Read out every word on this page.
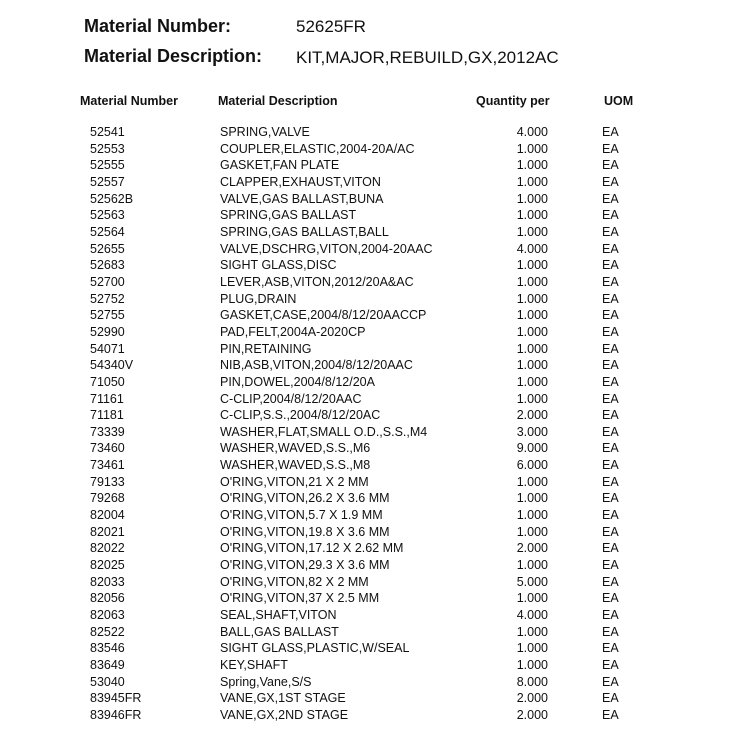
Material Number:	52625FR
Material Description: KIT,MAJOR,REBUILD,GX,2012AC
Material Number	Material Description	Quantity per	UOM
52541	SPRING,VALVE	4.000	EA
52553	COUPLER,ELASTIC,2004-20A/AC	1.000	EA
52555	GASKET,FAN PLATE	1.000	EA
52557	CLAPPER,EXHAUST,VITON	1.000	EA
52562B	VALVE,GAS BALLAST,BUNA	1.000	EA
52563	SPRING,GAS BALLAST	1.000	EA
52564	SPRING,GAS BALLAST,BALL	1.000	EA
52655	VALVE,DSCHRG,VITON,2004-20AAC	4.000	EA
52683	SIGHT GLASS,DISC	1.000	EA
52700	LEVER,ASB,VITON,2012/20A&AC	1.000	EA
52752	PLUG,DRAIN	1.000	EA
52755	GASKET,CASE,2004/8/12/20AACCP	1.000	EA
52990	PAD,FELT,2004A-2020CP	1.000	EA
54071	PIN,RETAINING	1.000	EA
54340V	NIB,ASB,VITON,2004/8/12/20AAC	1.000	EA
71050	PIN,DOWEL,2004/8/12/20A	1.000	EA
71161	C-CLIP,2004/8/12/20AAC	1.000	EA
71181	C-CLIP,S.S.,2004/8/12/20AC	2.000	EA
73339	WASHER,FLAT,SMALL O.D.,S.S.,M4	3.000	EA
73460	WASHER,WAVED,S.S.,M6	9.000	EA
73461	WASHER,WAVED,S.S.,M8	6.000	EA
79133	O'RING,VITON,21 X 2 MM	1.000	EA
79268	O'RING,VITON,26.2 X 3.6 MM	1.000	EA
82004	O'RING,VITON,5.7 X 1.9 MM	1.000	EA
82021	O'RING,VITON,19.8 X 3.6 MM	1.000	EA
82022	O'RING,VITON,17.12 X 2.62 MM	2.000	EA
82025	O'RING,VITON,29.3 X 3.6 MM	1.000	EA
82033	O'RING,VITON,82 X 2 MM	5.000	EA
82056	O'RING,VITON,37 X 2.5 MM	1.000	EA
82063	SEAL,SHAFT,VITON	4.000	EA
82522	BALL,GAS BALLAST	1.000	EA
83546	SIGHT GLASS,PLASTIC,W/SEAL	1.000	EA
83649	KEY,SHAFT	1.000	EA
53040	Spring,Vane,S/S	8.000	EA
83945FR	VANE,GX,1ST STAGE	2.000	EA
83946FR	VANE,GX,2ND STAGE	2.000	EA
